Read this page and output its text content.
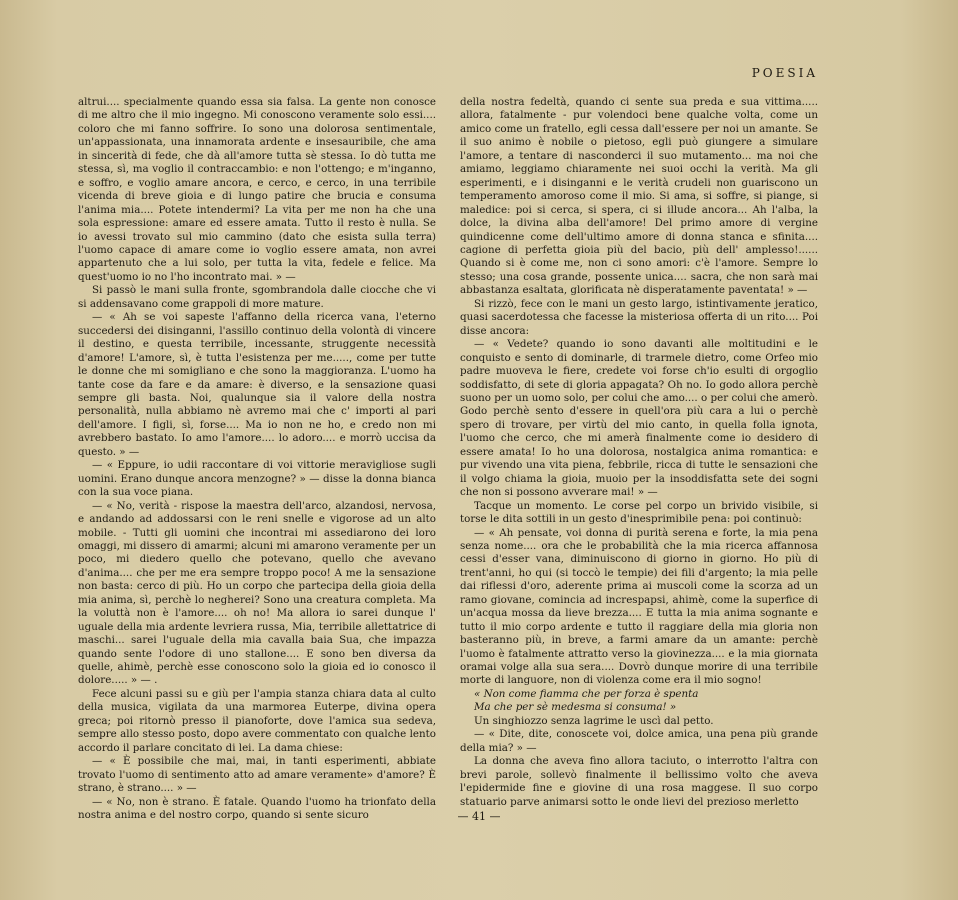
POESIA

altrui.... specialmente quando essa sia falsa. La gente non conosce di me altro che il mio ingegno. Mi conoscono veramente solo essi.... coloro che mi fanno soffrire. Io sono una dolorosa sentimentale, un'appassionata, una innamorata ardente e insesauribile, che ama in sincerità di fede, che dà all'amore tutta sè stessa. Io dò tutta me stessa, sì, ma voglio il contraccambio: e non l'ottengo; e m'inganno, e soffro, e voglio amare ancora, e cerco, e cerco, in una terribile vicenda di breve gioia e di lungo patire che brucia e consuma l'anima mia.... Potete intendermi? La vita per me non ha che una sola espressione: amare ed essere amata. Tutto il resto è nulla. Se io avessi trovato sul mio cammino (dato che esista sulla terra) l'uomo capace di amare come io voglio essere amata, non avrei appartenuto che a lui solo, per tutta la vita, fedele e felice. Ma quest'uomo io no l'ho incontrato mai. » —

Si passò le mani sulla fronte, sgombrandola dalle ciocche che vi si addensavano come grappoli di more mature.

— « Ah se voi sapeste l'affanno della ricerca vana, l'eterno succedersi dei disinganni, l'assillo continuo della volontà di vincere il destino, e questa terribile, incessante, struggente necessità d'amore! L'amore, sì, è tutta l'esistenza per me....., come per tutte le donne che mi somigliano e che sono la maggioranza. L'uomo ha tante cose da fare e da amare: è diverso, e la sensazione quasi sempre gli basta. Noi, qualunque sia il valore della nostra personalità, nulla abbiamo nè avremo mai che c' importi al pari dell'amore. I figli, sì, forse.... Ma io non ne ho, e credo non mi avrebbero bastato. Io amo l'amore.... lo adoro.... e morrò uccisa da questo. » —

— « Eppure, io udii raccontare di voi vittorie meravigliose sugli uomini. Erano dunque ancora menzogne? » — disse la donna bianca con la sua voce piana.

— « No, verità - rispose la maestra dell'arco, alzandosi, nervosa, e andando ad addossarsi con le reni snelle e vigorose ad un alto mobile. - Tutti gli uomini che incontrai mi assediarono dei loro omaggi, mi dissero di amarmi; alcuni mi amarono veramente per un poco, mi diedero quello che potevano, quello che avevano d'anima.... che per me era sempre troppo poco! A me la sensazione non basta: cerco di più. Ho un corpo che partecipa della gioia della mia anima, sì, perchè lo negherei? Sono una creatura completa. Ma la voluttà non è l'amore.... oh no! Ma allora io sarei dunque l' uguale della mia ardente levriera russa, Mia, terribile allettatrice di maschi... sarei l'uguale della mia cavalla baia Sua, che impazza quando sente l'odore di uno stallone.... E sono ben diversa da quelle, ahimè, perchè esse conoscono solo la gioia ed io conosco il dolore..... » — .

Fece alcuni passi su e giù per l'ampia stanza chiara data al culto della musica, vigilata da una marmorea Euterpe, divina opera greca; poi ritornò presso il pianoforte, dove l'amica sua sedeva, sempre allo stesso posto, dopo avere commentato con qualche lento accordo il parlare concitato di lei. La dama chiese:

— « È possibile che mai, mai, in tanti esperimenti, abbiate trovato l'uomo di sentimento atto ad amare veramente» d'amore? È strano, è strano.... » —

— « No, non è strano. È fatale. Quando l'uomo ha trionfato della nostra anima e del nostro corpo, quando si sente sicuro

della nostra fedeltà, quando ci sente sua preda e sua vittima..... allora, fatalmente - pur volendoci bene qualche volta, come un amico come un fratello, egli cessa dall'essere per noi un amante. Se il suo animo è nobile o pietoso, egli può giungere a simulare l'amore, a tentare di nasconderci il suo mutamento... ma noi che amiamo, leggiamo chiaramente nei suoi occhi la verità. Ma gli esperimenti, e i disinganni e le verità crudeli non guariscono un temperamento amoroso come il mio. Si ama, si soffre, si piange, si maledice: poi si cerca, si spera, ci si illude ancora... Ah l'alba, la dolce, la divina alba dell'amore! Del primo amore di vergine quindicenne come dell'ultimo amore di donna stanca e sfinita.... cagione di perfetta gioia più del bacio, più dell' amplesso!...... Quando si è come me, non ci sono amori: c'è l'amore. Sempre lo stesso; una cosa grande, possente unica.... sacra, che non sarà mai abbastanza esaltata, glorificata nè disperatamente paventata! » —

Si rizzò, fece con le mani un gesto largo, istintivamente jeratico, quasi sacerdotessa che facesse la misteriosa offerta di un rito.... Poi disse ancora:

— « Vedete? quando io sono davanti alle moltitudini e le conquisto e sento di dominarle, di trarmele dietro, come Orfeo mio padre muoveva le fiere, credete voi forse ch'io esulti di orgoglio soddisfatto, di sete di gloria appagata? Oh no. Io godo allora perchè suono per un uomo solo, per colui che amo.... o per colui che amerò. Godo perchè sento d'essere in quell'ora più cara a lui o perchè spero di trovare, per virtù del mio canto, in quella folla ignota, l'uomo che cerco, che mi amerà finalmente come io desidero di essere amata! Io ho una dolorosa, nostalgica anima romantica: e pur vivendo una vita piena, febbrile, ricca di tutte le sensazioni che il volgo chiama la gioia, muoio per la insoddisfatta sete dei sogni che non si possono avverare mai! » —

Tacque un momento. Le corse pel corpo un brivido visibile, si torse le dita sottili in un gesto d'inesprimibile pena: poi continuò:

— « Ah pensate, voi donna di purità serena e forte, la mia pena senza nome.... ora che le probabilità che la mia ricerca affannosa cessi d'esser vana, diminuiscono di giorno in giorno. Ho più di trent'anni, ho qui (si toccò le tempie) dei fili d'argento; la mia pelle dai riflessi d'oro, aderente prima ai muscoli come la scorza ad un ramo giovane, comincia ad increspарsi, ahimè, come la superfice di un'acqua mossa da lieve brezza.... E tutta la mia anima sognante e tutto il mio corpo ardente e tutto il raggiare della mia gloria non basteranno più, in breve, a farmi amare da un amante: perchè l'uomo è fatalmente attratto verso la giovinezza.... e la mia giornata oramai volge alla sua sera.... Dovrò dunque morire di una terribile morte di languore, non di violenza come era il mio sogno!

« Non come fiamma che per forza è spenta

Ma che per sè medesma si consuma! »

Un singhiozzo senza lagrime le uscì dal petto.

— « Dite, dite, conoscete voi, dolce amica, una pena più grande della mia? » —

La donna che aveva fino allora taciuto, o interrotto l'altra con brevi parole, sollevò finalmente il bellissimo volto che aveva l'epidermide fine e giovine di una rosa maggese. Il suo corpo statuario parve animarsi sotto le onde lievi del prezioso merletto

— 41 —
